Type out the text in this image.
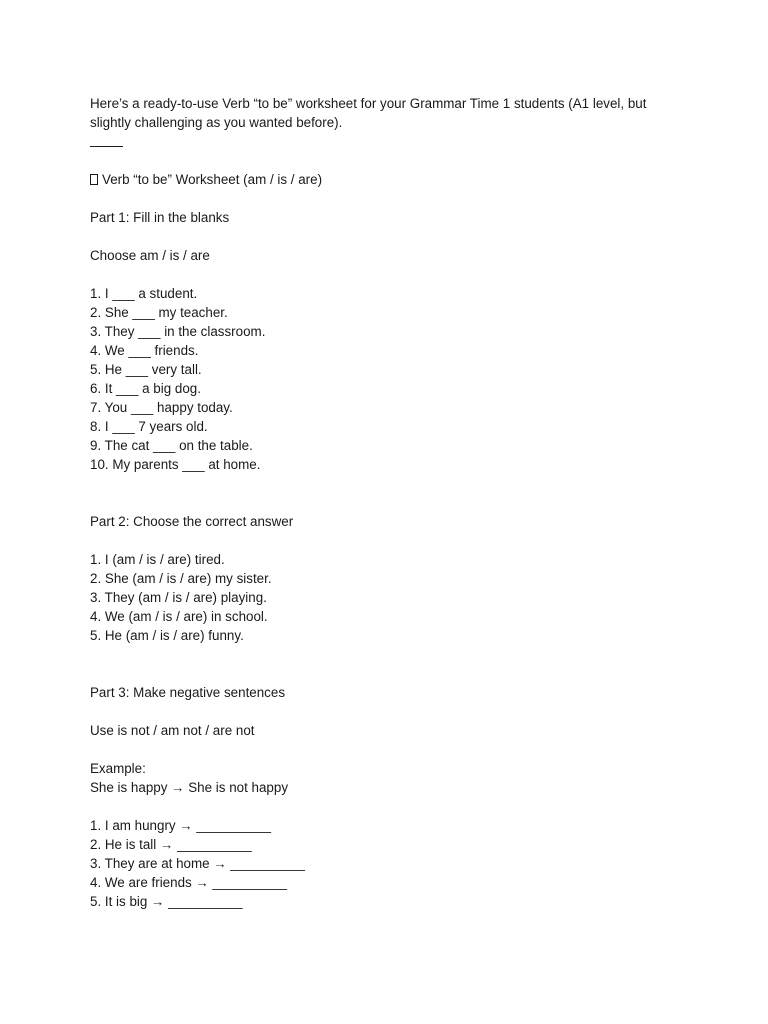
Here’s a ready-to-use Verb “to be” worksheet for your Grammar Time 1 students (A1 level, but
slightly challenging as you wanted before).
Verb “to be” Worksheet (am / is / are)
Part 1: Fill in the blanks
Choose am / is / are
1. I ___ a student.
2. She ___ my teacher.
3. They ___ in the classroom.
4. We ___ friends.
5. He ___ very tall.
6. It ___ a big dog.
7. You ___ happy today.
8. I ___ 7 years old.
9. The cat ___ on the table.
10. My parents ___ at home.
Part 2: Choose the correct answer
1. I (am / is / are) tired.
2. She (am / is / are) my sister.
3. They (am / is / are) playing.
4. We (am / is / are) in school.
5. He (am / is / are) funny.
Part 3: Make negative sentences
Use is not / am not / are not
Example:
She is happy → She is not happy
1. I am hungry → __________
2. He is tall → __________
3. They are at home → __________
4. We are friends → __________
5. It is big → __________
